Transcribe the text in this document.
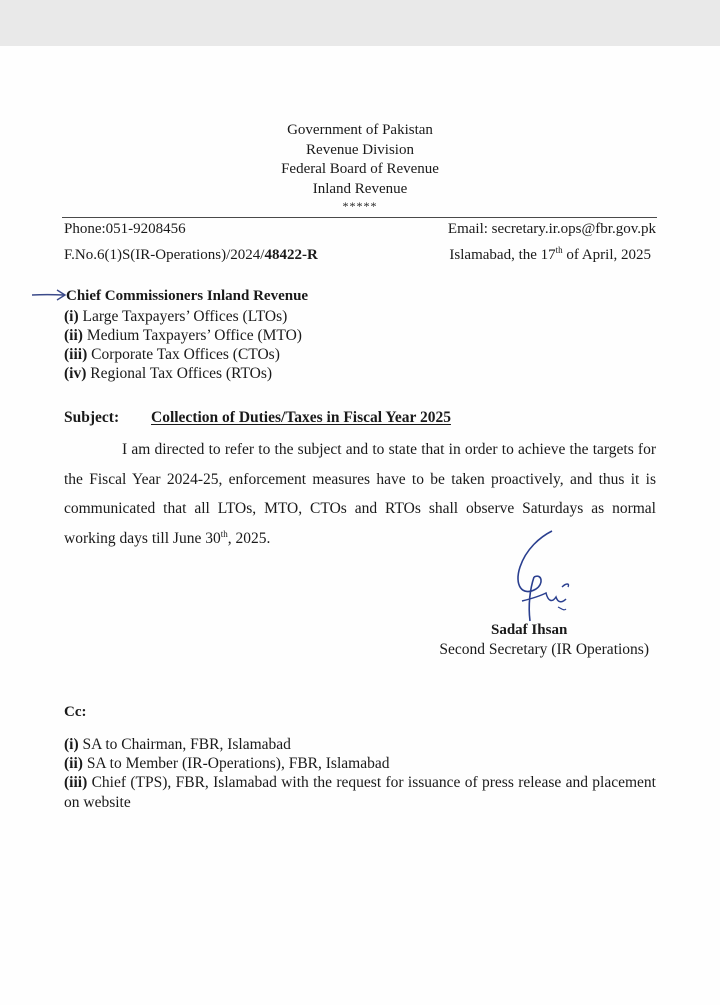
Government of Pakistan
Revenue Division
Federal Board of Revenue
Inland Revenue
*****
Phone:051-9208456	Email: secretary.ir.ops@fbr.gov.pk
F.No.6(1)S(IR-Operations)/2024/48422-R	Islamabad, the 17th of April, 2025
Chief Commissioners Inland Revenue
(i) Large Taxpayers’ Offices (LTOs)
(ii) Medium Taxpayers’ Office (MTO)
(iii) Corporate Tax Offices (CTOs)
(iv) Regional Tax Offices (RTOs)
Subject: Collection of Duties/Taxes in Fiscal Year 2025

I am directed to refer to the subject and to state that in order to achieve the targets for the Fiscal Year 2024-25, enforcement measures have to be taken proactively, and thus it is communicated that all LTOs, MTO, CTOs and RTOs shall observe Saturdays as normal working days till June 30th, 2025.

Sadaf Ihsan
Second Secretary (IR Operations)
Cc:
(i) SA to Chairman, FBR, Islamabad
(ii) SA to Member (IR-Operations), FBR, Islamabad
(iii) Chief (TPS), FBR, Islamabad with the request for issuance of press release and placement on website
